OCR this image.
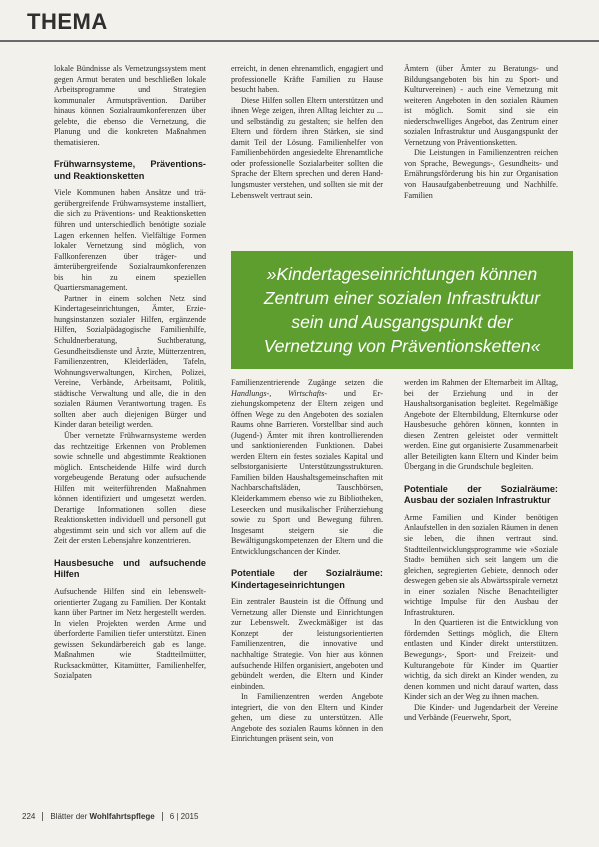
THEMA

lokale Bündnisse als Vernetzungssystem ment gegen Armut beraten und beschließen lokale Arbeitsprogramme und Strategien kommunaler Armutsprävention. Darüber hinaus können Sozialraumkonferenzen über gelebte, die ebenso die Vernetzung, die Planung und die konkreten Maßnahmen thematisieren.

Frühwarnsysteme, Präventions- und Reaktionsketten

Viele Kommunen haben Ansätze und trägerübergreifende Frühwarnsysteme installiert, die sich zu Präventions- und Reaktionsketten führen und unterschiedlich benötigte soziale Lagen erkennen helfen. Vielfältige Formen lokaler Vernetzung sind möglich, von Fallkonferenzen über träger- und ämterübergreifende Sozialraumkonferenzen bis hin zu einem speziellen Quartiersmanagement.

Partner in einem solchen Netz sind Kindertageseinrichtungen, Ämter, Erziehungsinstanzen sozialer Hilfen, ergänzende Hilfen, Sozialpädagogische Familienhilfe, Schuldnerberatung, Suchtberatung, Gesundheitsdienste und Ärzte, Mütterzentren, Familienzentren, Kleiderläden, Tafeln, Wohnungsverwaltungen, Kirchen, Polizei, Vereine, Verbände, Arbeitsamt, Politik, städtische Verwaltung und alle, die in den sozialen Räumen Verantwortung tragen. Es sollten aber auch diejenigen Bürger und Kinder daran beteiligt werden.

Über vernetzte Frühwarnsysteme werden das rechtzeitige Erkennen von Problemen sowie schnelle und abgestimmte Reaktionen möglich. Entscheidende Hilfe wird durch vorgebeugende Beratung oder aufsuchende Hilfen mit weiterführenden Maßnahmen können identifiziert und umgesetzt werden. Derartige Informationen sollen diese Reaktionsketten individuell und personell gut abgestimmt sein und sich vor allem auf die Zeit der ersten Lebensjahre konzentrieren.

Hausbesuche und aufsuchende Hilfen

Aufsuchende Hilfen sind ein lebensweltorientierter Zugang zu Familien. Der Kontakt kann über Partner im Netz hergestellt werden. In vielen Projekten werden Arme und überforderte Familien tiefer unterstützt. Einen gewissen Sekundärbereich gab es lange. Maßnahmen wie Stadtteilmütter, Rucksackmütter, Kitamütter, Familienhelfer, Sozialpaten

erreicht, in denen ehrenamtlich, engagiert und professionelle Kräfte Familien zu Hause besucht haben.

Diese Hilfen sollen Eltern unterstützen und ihnen Wege zeigen, ihren Alltag leichter zu ... und selbständig zu gestalten; sie helfen den Eltern und fördern ihren Stärken, sie sind damit Teil der Lösung. Familienhelfer von Familienbehörden angesiedelte Ehrenamtliche oder professionelle Sozialarbeiter sollten die Sprache der Eltern sprechen und deren Handlungsmuster verstehen, und sollten sie mit der Lebenswelt vertraut sein.

Ämtern (über Ämter zu Beratungs- und Bildungsangeboten bis hin zu Sport- und Kulturvereinen) - auch eine Vernetzung mit weiteren Angeboten in den sozialen Räumen ist möglich. Somit sind sie ein niederschwelliges Angebot, das Zentrum einer sozialen Infrastruktur und Ausgangspunkt der Vernetzung von Präventionsketten.

Die Leistungen in Familienzentren reichen von Sprache, Bewegungs-, Gesundheits- und Ernährungsförderung bis hin zur Organisation von Hausaufgabenbetreuung und Nachhilfe. Familien

»Kindertageseinrichtungen können Zentrum einer sozialen Infrastruktur sein und Ausgangspunkt der Vernetzung von Präventionsketten«

Familienzentrierende Zugänge setzen die Handlungs-, Wirtschafts- und Erziehungskompetenz der Eltern zeigen und öffnen Wege zu den Angeboten des sozialen Raums ohne Barrieren. Vorstellbar sind auch (Jugend-) Ämter mit ihren kontrollierenden und sanktionierenden Funktionen. Dabei werden Eltern ein festes soziales Kapital und selbstorganisierte Unterstützungsstrukturen. Familien bilden Haushaltsgemeinschaften mit Nachbarschaftsläden, Tauschbörsen, Kleiderkammern ebenso wie zu Bibliotheken, Leseecken und musikalischer Früherziehung sowie zu Sport und Bewegung führen. Insgesamt steigern sie die Bewältigungskompetenzen der Eltern und die Entwicklungschancen der Kinder.

Potentiale der Sozialräume: Kindertageseinrichtungen

Ein zentraler Baustein ist die Öffnung und Vernetzung aller Dienste und Einrichtungen zur Lebenswelt. Zweckmäßiger ist das Konzept der leistungsorientierten Familienzentren, die innovative und nachhaltige Strategie. Von hier aus können aufsuchende Hilfen organisiert, angeboten und gebündelt werden, die Eltern und Kinder einbinden.

In Familienzentren werden Angebote integriert, die von den Eltern und Kinder gehen, um diese zu unterstützen. Alle Angebote des sozialen Raums können in den Einrichtungen präsent sein, von

werden im Rahmen der Elternarbeit im Alltag, bei der Erziehung und in der Haushaltsorganisation begleitet. Regelmäßige Angebote der Elternbildung, Elternkurse oder Hausbesuche gehören können, konnten in diesen Zentren geleistet oder vermittelt werden. Eine gut organisierte Zusammenarbeit aller Beteiligten kann Eltern und Kinder beim Übergang in die Grundschule begleiten.

Potentiale der Sozialräume: Ausbau der sozialen Infrastruktur

Arme Familien und Kinder benötigen Anlaufstellen in den sozialen Räumen in denen sie leben, die ihnen vertraut sind. Stadtteilentwicklungsprogramme wie »Soziale Stadt« bemühen sich seit langem um die gleichen, segregierten Gebiete, dennoch oder deswegen geben sie als Abwärtsspirale vernetzt in einer sozialen Nische Benachteiligter wichtige Impulse für den Ausbau der Infrastrukturen.

In den Quartieren ist die Entwicklung von fördernden Settings möglich, die Eltern entlasten und Kinder direkt unterstützen. Bewegungs-, Sport- und Freizeit- und Kulturangebote für Kinder im Quartier wichtig, da sich direkt an Kinder wenden, zu denen kommen und nicht darauf warten, dass Kinder sich an der Weg zu ihnen machen.

Die Kinder- und Jugendarbeit der Vereine und Verbände (Feuerwehr, Sport,

224 Blätter der Wohlfahrtspflege 6 | 2015
